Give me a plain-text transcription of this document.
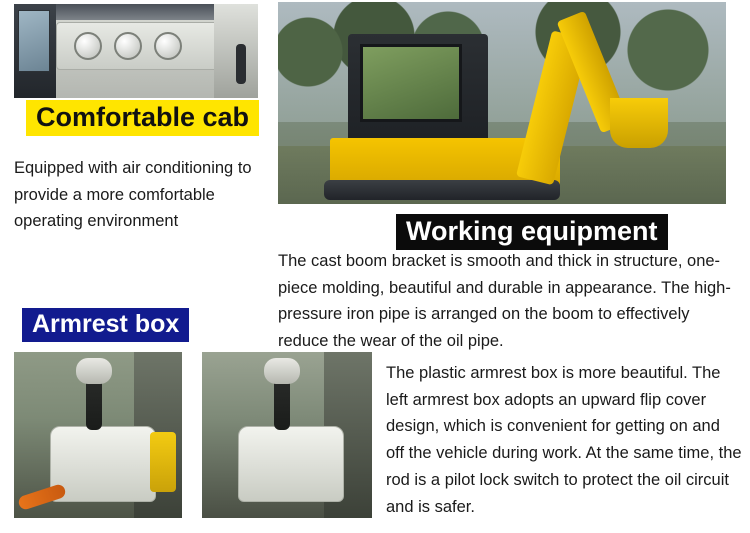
Comfortable cab
Working equipment
Armrest box
Equipped with air conditioning to provide a more comfortable operating environment
The cast boom bracket is smooth and thick in structure, one-piece molding, beautiful and durable in appearance. The high-pressure iron pipe is arranged on the boom to effectively reduce the wear of the oil pipe.
The plastic armrest box is more beautiful. The left armrest box adopts an upward flip cover design, which is convenient for getting on and off the vehicle during work. At the same time, the rod is a pilot lock switch to protect the oil circuit and is safer.
